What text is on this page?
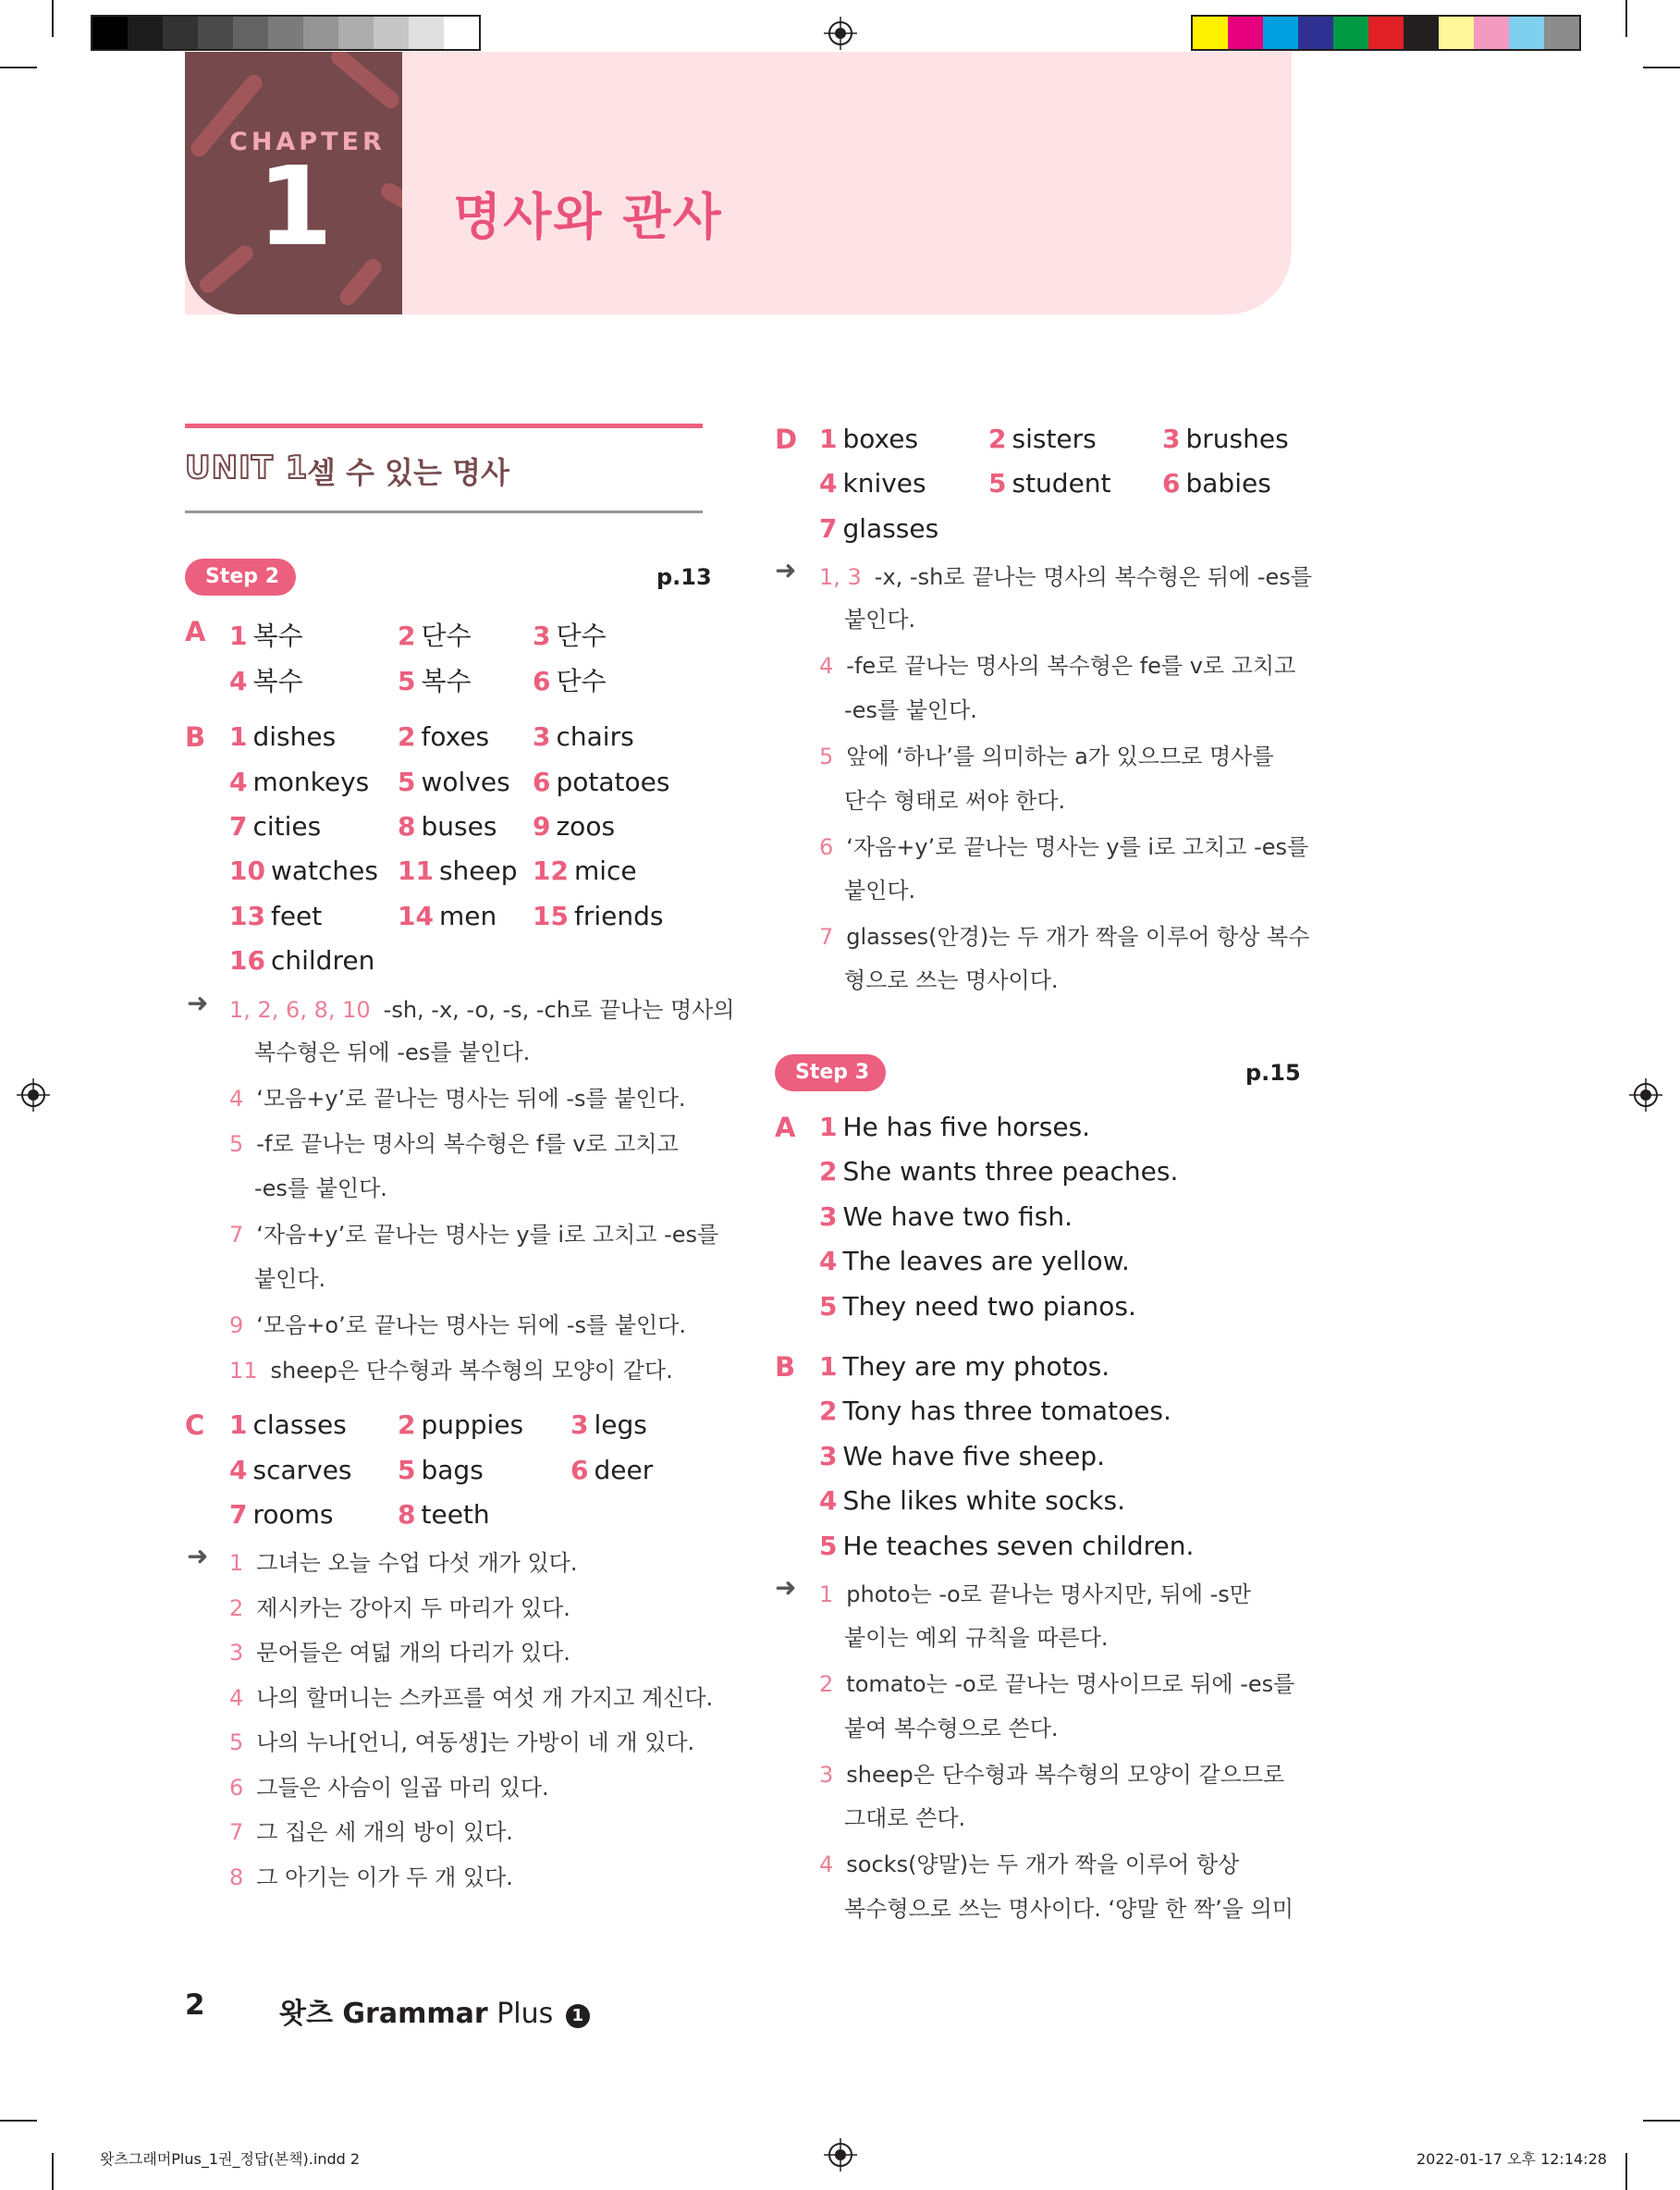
CHAPTER
1 명사와 관사
UNIT 1
셀 수 있는 명사
Step 2	p.13
A 1 복수	2 단수 3 단수
4 복수	5 복수 6 단수
B 1 dishes 2 foxes 3 chairs
4 monkeys 5 wolves 6 potatoes
7 cities	8 buses 9 zoos
10 watches 11 sheep 12 mice
13 feet	14 men 15 friends
16 children
➜ 1, 2, 6, 8, 10 -sh, -x, -o, -s, -ch로 끝나는 명사의
복수형은 뒤에 -es를 붙인다.
4 ‘모음+y’로 끝나는 명사는 뒤에 -s를 붙인다.
5 -f로 끝나는 명사의 복수형은 f를 v로 고치고
-es를 붙인다.
7 ‘자음+y’로 끝나는 명사는 y를 i로 고치고 -es를
붙인다.
9 ‘모음+o’로 끝나는 명사는 뒤에 -s를 붙인다.
11 sheep은 단수형과 복수형의 모양이 같다.
C 1 classes 2 puppies 3 legs
4 scarves 5 bags	6 deer
7 rooms 8 teeth
➜ 1 그녀는 오늘 수업 다섯 개가 있다.
2 제시카는 강아지 두 마리가 있다.
3 문어들은 여덟 개의 다리가 있다.
4 나의 할머니는 스카프를 여섯 개 가지고 계신다.
5 나의 누나[언니, 여동생]는 가방이 네 개 있다.
6 그들은 사슴이 일곱 마리 있다.
7 그 집은 세 개의 방이 있다.
8 그 아기는 이가 두 개 있다.
D 1 boxes	2 sisters	3 brushes
4 knives 5 student 6 babies
7 glasses
➜ 1, 3 -x, -sh로 끝나는 명사의 복수형은 뒤에 -es를
붙인다.
4 -fe로 끝나는 명사의 복수형은 fe를 v로 고치고
-es를 붙인다.
5 앞에 ‘하나’를 의미하는 a가 있으므로 명사를
단수 형태로 써야 한다.
6 ‘자음+y’로 끝나는 명사는 y를 i로 고치고 -es를
붙인다.
7 glasses(안경)는 두 개가 짝을 이루어 항상 복수
형으로 쓰는 명사이다.
Step 3	p.15
A 1 He has five horses.
2 She wants three peaches.
3 We have two fish.
4 The leaves are yellow.
5 They need two pianos.
B 1 They are my photos.
2 Tony has three tomatoes.
3 We have five sheep.
4 She likes white socks.
5 He teaches seven children.
➜ 1 photo는 -o로 끝나는 명사지만, 뒤에 -s만
붙이는 예외 규칙을 따른다.
2 tomato는 -o로 끝나는 명사이므로 뒤에 -es를
붙여 복수형으로 쓴다.
3 sheep은 단수형과 복수형의 모양이 같으므로
그대로 쓴다.
4 socks(양말)는 두 개가 짝을 이루어 항상
복수형으로 쓰는 명사이다. ‘양말 한 짝’을 의미
2	왓츠 Grammar Plus 1
왓츠그래머Plus_1권_정답(본책).indd 2	2022-01-17 오후 12:14:28
